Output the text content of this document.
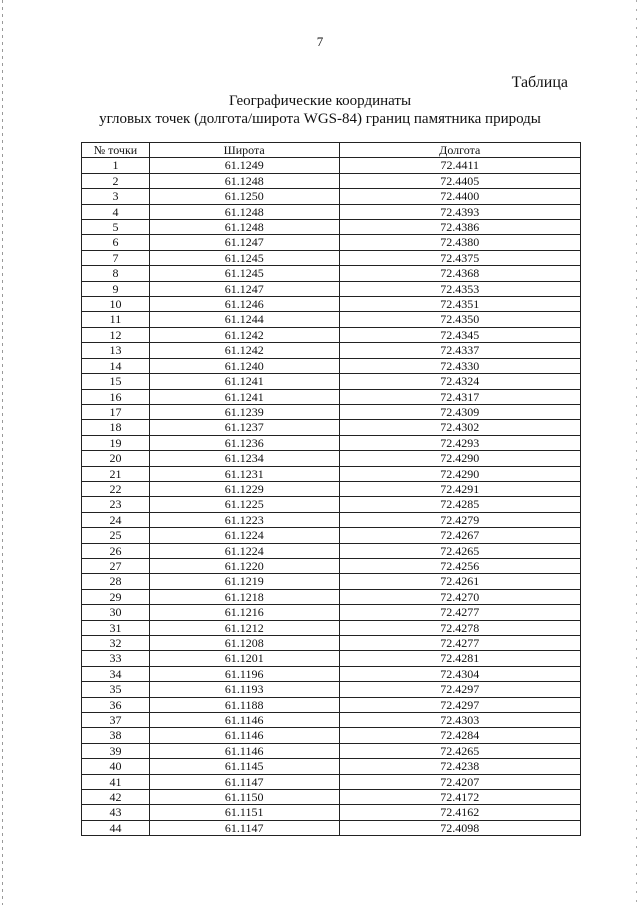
7
Таблица
Географические координаты
угловых точек (долгота/широта WGS-84) границ памятника природы
№ точки	Широта	Долгота
1	61.1249	72.4411
2	61.1248	72.4405
3	61.1250	72.4400
4	61.1248	72.4393
5	61.1248	72.4386
6	61.1247	72.4380
7	61.1245	72.4375
8	61.1245	72.4368
9	61.1247	72.4353
10	61.1246	72.4351
11	61.1244	72.4350
12	61.1242	72.4345
13	61.1242	72.4337
14	61.1240	72.4330
15	61.1241	72.4324
16	61.1241	72.4317
17	61.1239	72.4309
18	61.1237	72.4302
19	61.1236	72.4293
20	61.1234	72.4290
21	61.1231	72.4290
22	61.1229	72.4291
23	61.1225	72.4285
24	61.1223	72.4279
25	61.1224	72.4267
26	61.1224	72.4265
27	61.1220	72.4256
28	61.1219	72.4261
29	61.1218	72.4270
30	61.1216	72.4277
31	61.1212	72.4278
32	61.1208	72.4277
33	61.1201	72.4281
34	61.1196	72.4304
35	61.1193	72.4297
36	61.1188	72.4297
37	61.1146	72.4303
38	61.1146	72.4284
39	61.1146	72.4265
40	61.1145	72.4238
41	61.1147	72.4207
42	61.1150	72.4172
43	61.1151	72.4162
44	61.1147	72.4098
